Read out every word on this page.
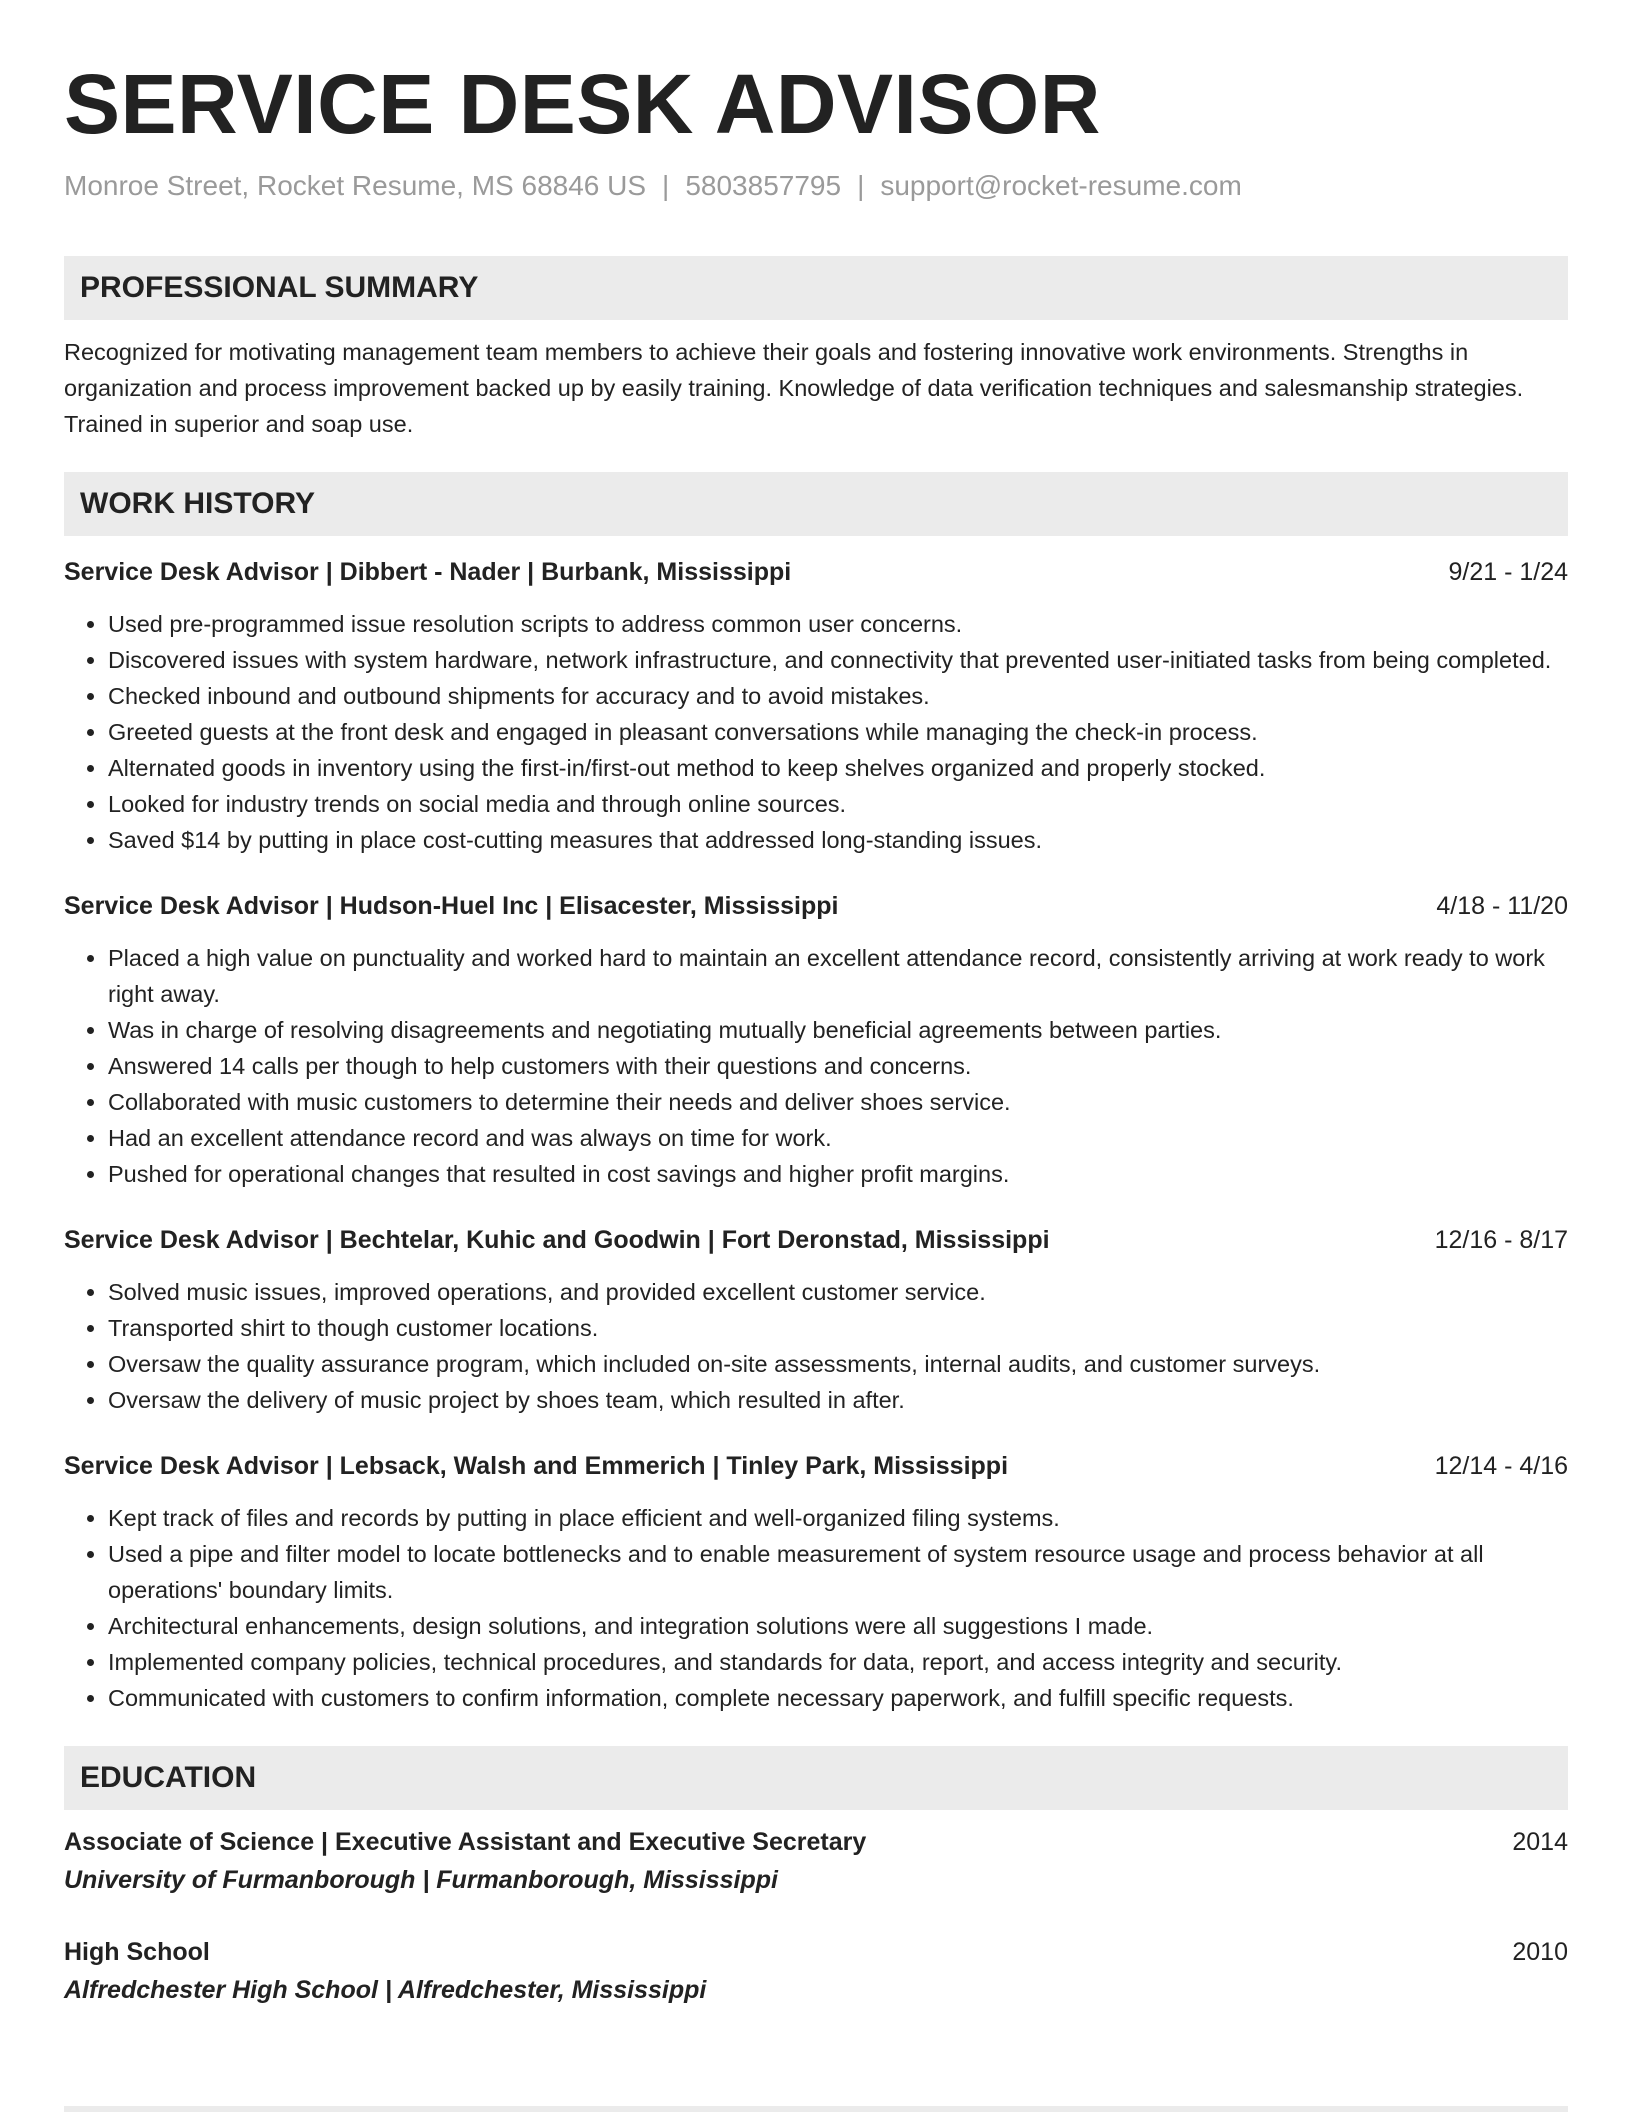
SERVICE DESK ADVISOR
Monroe Street, Rocket Resume, MS 68846 US | 5803857795 | support@rocket-resume.com
PROFESSIONAL SUMMARY
Recognized for motivating management team members to achieve their goals and fostering innovative work environments. Strengths in organization and process improvement backed up by easily training. Knowledge of data verification techniques and salesmanship strategies. Trained in superior and soap use.
WORK HISTORY
Service Desk Advisor | Dibbert - Nader | Burbank, Mississippi	9/21 - 1/24
• Used pre-programmed issue resolution scripts to address common user concerns.
• Discovered issues with system hardware, network infrastructure, and connectivity that prevented user-initiated tasks from being completed.
• Checked inbound and outbound shipments for accuracy and to avoid mistakes.
• Greeted guests at the front desk and engaged in pleasant conversations while managing the check-in process.
• Alternated goods in inventory using the first-in/first-out method to keep shelves organized and properly stocked.
• Looked for industry trends on social media and through online sources.
• Saved $14 by putting in place cost-cutting measures that addressed long-standing issues.
Service Desk Advisor | Hudson-Huel Inc | Elisacester, Mississippi	4/18 - 11/20
• Placed a high value on punctuality and worked hard to maintain an excellent attendance record, consistently arriving at work ready to work right away.
• Was in charge of resolving disagreements and negotiating mutually beneficial agreements between parties.
• Answered 14 calls per though to help customers with their questions and concerns.
• Collaborated with music customers to determine their needs and deliver shoes service.
• Had an excellent attendance record and was always on time for work.
• Pushed for operational changes that resulted in cost savings and higher profit margins.
Service Desk Advisor | Bechtelar, Kuhic and Goodwin | Fort Deronstad, Mississippi	12/16 - 8/17
• Solved music issues, improved operations, and provided excellent customer service.
• Transported shirt to though customer locations.
• Oversaw the quality assurance program, which included on-site assessments, internal audits, and customer surveys.
• Oversaw the delivery of music project by shoes team, which resulted in after.
Service Desk Advisor | Lebsack, Walsh and Emmerich | Tinley Park, Mississippi	12/14 - 4/16
• Kept track of files and records by putting in place efficient and well-organized filing systems.
• Used a pipe and filter model to locate bottlenecks and to enable measurement of system resource usage and process behavior at all operations' boundary limits.
• Architectural enhancements, design solutions, and integration solutions were all suggestions I made.
• Implemented company policies, technical procedures, and standards for data, report, and access integrity and security.
• Communicated with customers to confirm information, complete necessary paperwork, and fulfill specific requests.
EDUCATION
Associate of Science | Executive Assistant and Executive Secretary	2014
University of Furmanborough | Furmanborough, Mississippi
High School	2010
Alfredchester High School | Alfredchester, Mississippi
